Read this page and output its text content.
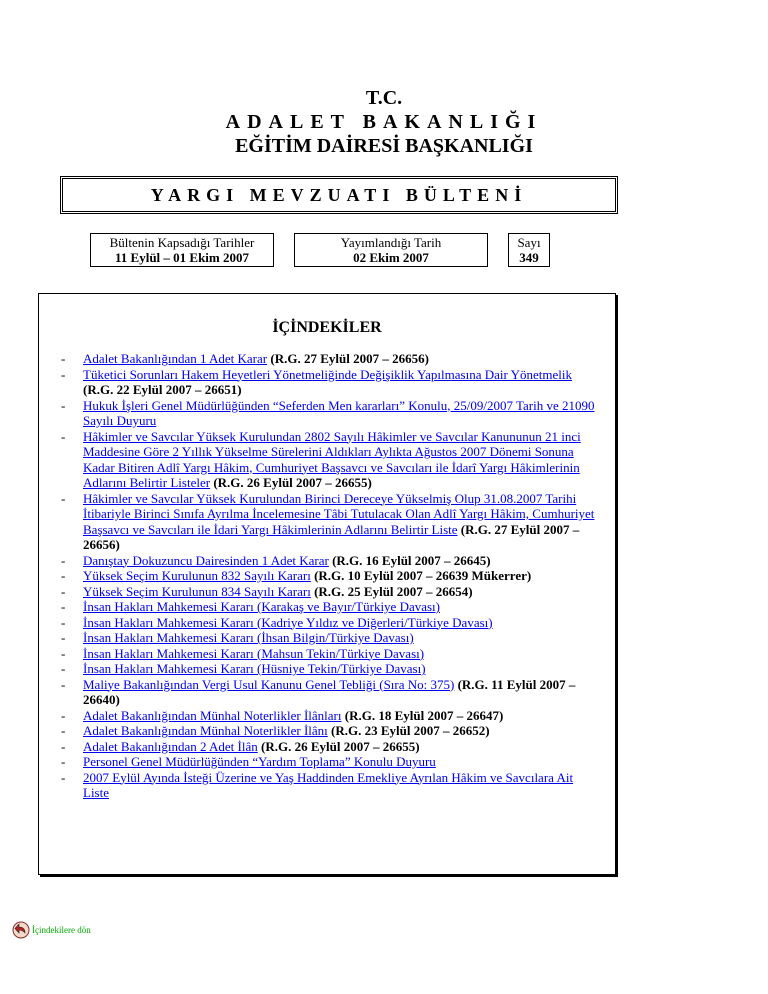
T.C.
ADALET BAKANLIĞI
EĞİTİM DAİRESİ BAŞKANLIĞI
YARGI MEVZUATI BÜLTENİ
Bültenin Kapsadığı Tarihler
11 Eylül – 01 Ekim 2007
Yayımlandığı Tarih
02 Ekim 2007
Sayı
349
İÇİNDEKİLER
- Adalet Bakanlığından 1 Adet Karar (R.G. 27 Eylül 2007 – 26656)
- Tüketici Sorunları Hakem Heyetleri Yönetmeliğinde Değişiklik Yapılmasına Dair Yönetmelik (R.G. 22 Eylül 2007 – 26651)
- Hukuk İşleri Genel Müdürlüğünden “Seferden Men kararları” Konulu, 25/09/2007 Tarih ve 21090 Sayılı Duyuru
- Hâkimler ve Savcılar Yüksek Kurulundan 2802 Sayılı Hâkimler ve Savcılar Kanununun 21 inci Maddesine Göre 2 Yıllık Yükselme Sürelerini Aldıkları Aylıkta Ağustos 2007 Dönemi Sonuna Kadar Bitiren Adlî Yargı Hâkim, Cumhuriyet Başsavcı ve Savcıları ile İdarî Yargı Hâkimlerinin Adlarını Belirtir Listeler (R.G. 26 Eylül 2007 – 26655)
- Hâkimler ve Savcılar Yüksek Kurulundan Birinci Dereceye Yükselmiş Olup 31.08.2007 Tarihi İtibariyle Birinci Sınıfa Ayrılma İncelemesine Tâbi Tutulacak Olan Adlî Yargı Hâkim, Cumhuriyet Başsavcı ve Savcıları ile İdari Yargı Hâkimlerinin Adlarını Belirtir Liste (R.G. 27 Eylül 2007 – 26656)
- Danıştay Dokuzuncu Dairesinden 1 Adet Karar (R.G. 16 Eylül 2007 – 26645)
- Yüksek Seçim Kurulunun 832 Sayılı Kararı (R.G. 10 Eylül 2007 – 26639 Mükerrer)
- Yüksek Seçim Kurulunun 834 Sayılı Kararı (R.G. 25 Eylül 2007 – 26654)
- İnsan Hakları Mahkemesi Kararı (Karakaş ve Bayır/Türkiye Davası)
- İnsan Hakları Mahkemesi Kararı (Kadriye Yıldız ve Diğerleri/Türkiye Davası)
- İnsan Hakları Mahkemesi Kararı (İhsan Bilgin/Türkiye Davası)
- İnsan Hakları Mahkemesi Kararı (Mahsun Tekin/Türkiye Davası)
- İnsan Hakları Mahkemesi Kararı (Hüsniye Tekin/Türkiye Davası)
- Maliye Bakanlığından Vergi Usul Kanunu Genel Tebliği (Sıra No: 375) (R.G. 11 Eylül 2007 – 26640)
- Adalet Bakanlığından Münhal Noterlikler İlânları (R.G. 18 Eylül 2007 – 26647)
- Adalet Bakanlığından Münhal Noterlikler İlânı (R.G. 23 Eylül 2007 – 26652)
- Adalet Bakanlığından 2 Adet İlân (R.G. 26 Eylül 2007 – 26655)
- Personel Genel Müdürlüğünden “Yardım Toplama” Konulu Duyuru
- 2007 Eylül Ayında İsteği Üzerine ve Yaş Haddinden Emekliye Ayrılan Hâkim ve Savcılara Ait Liste
İçindekilere dön
